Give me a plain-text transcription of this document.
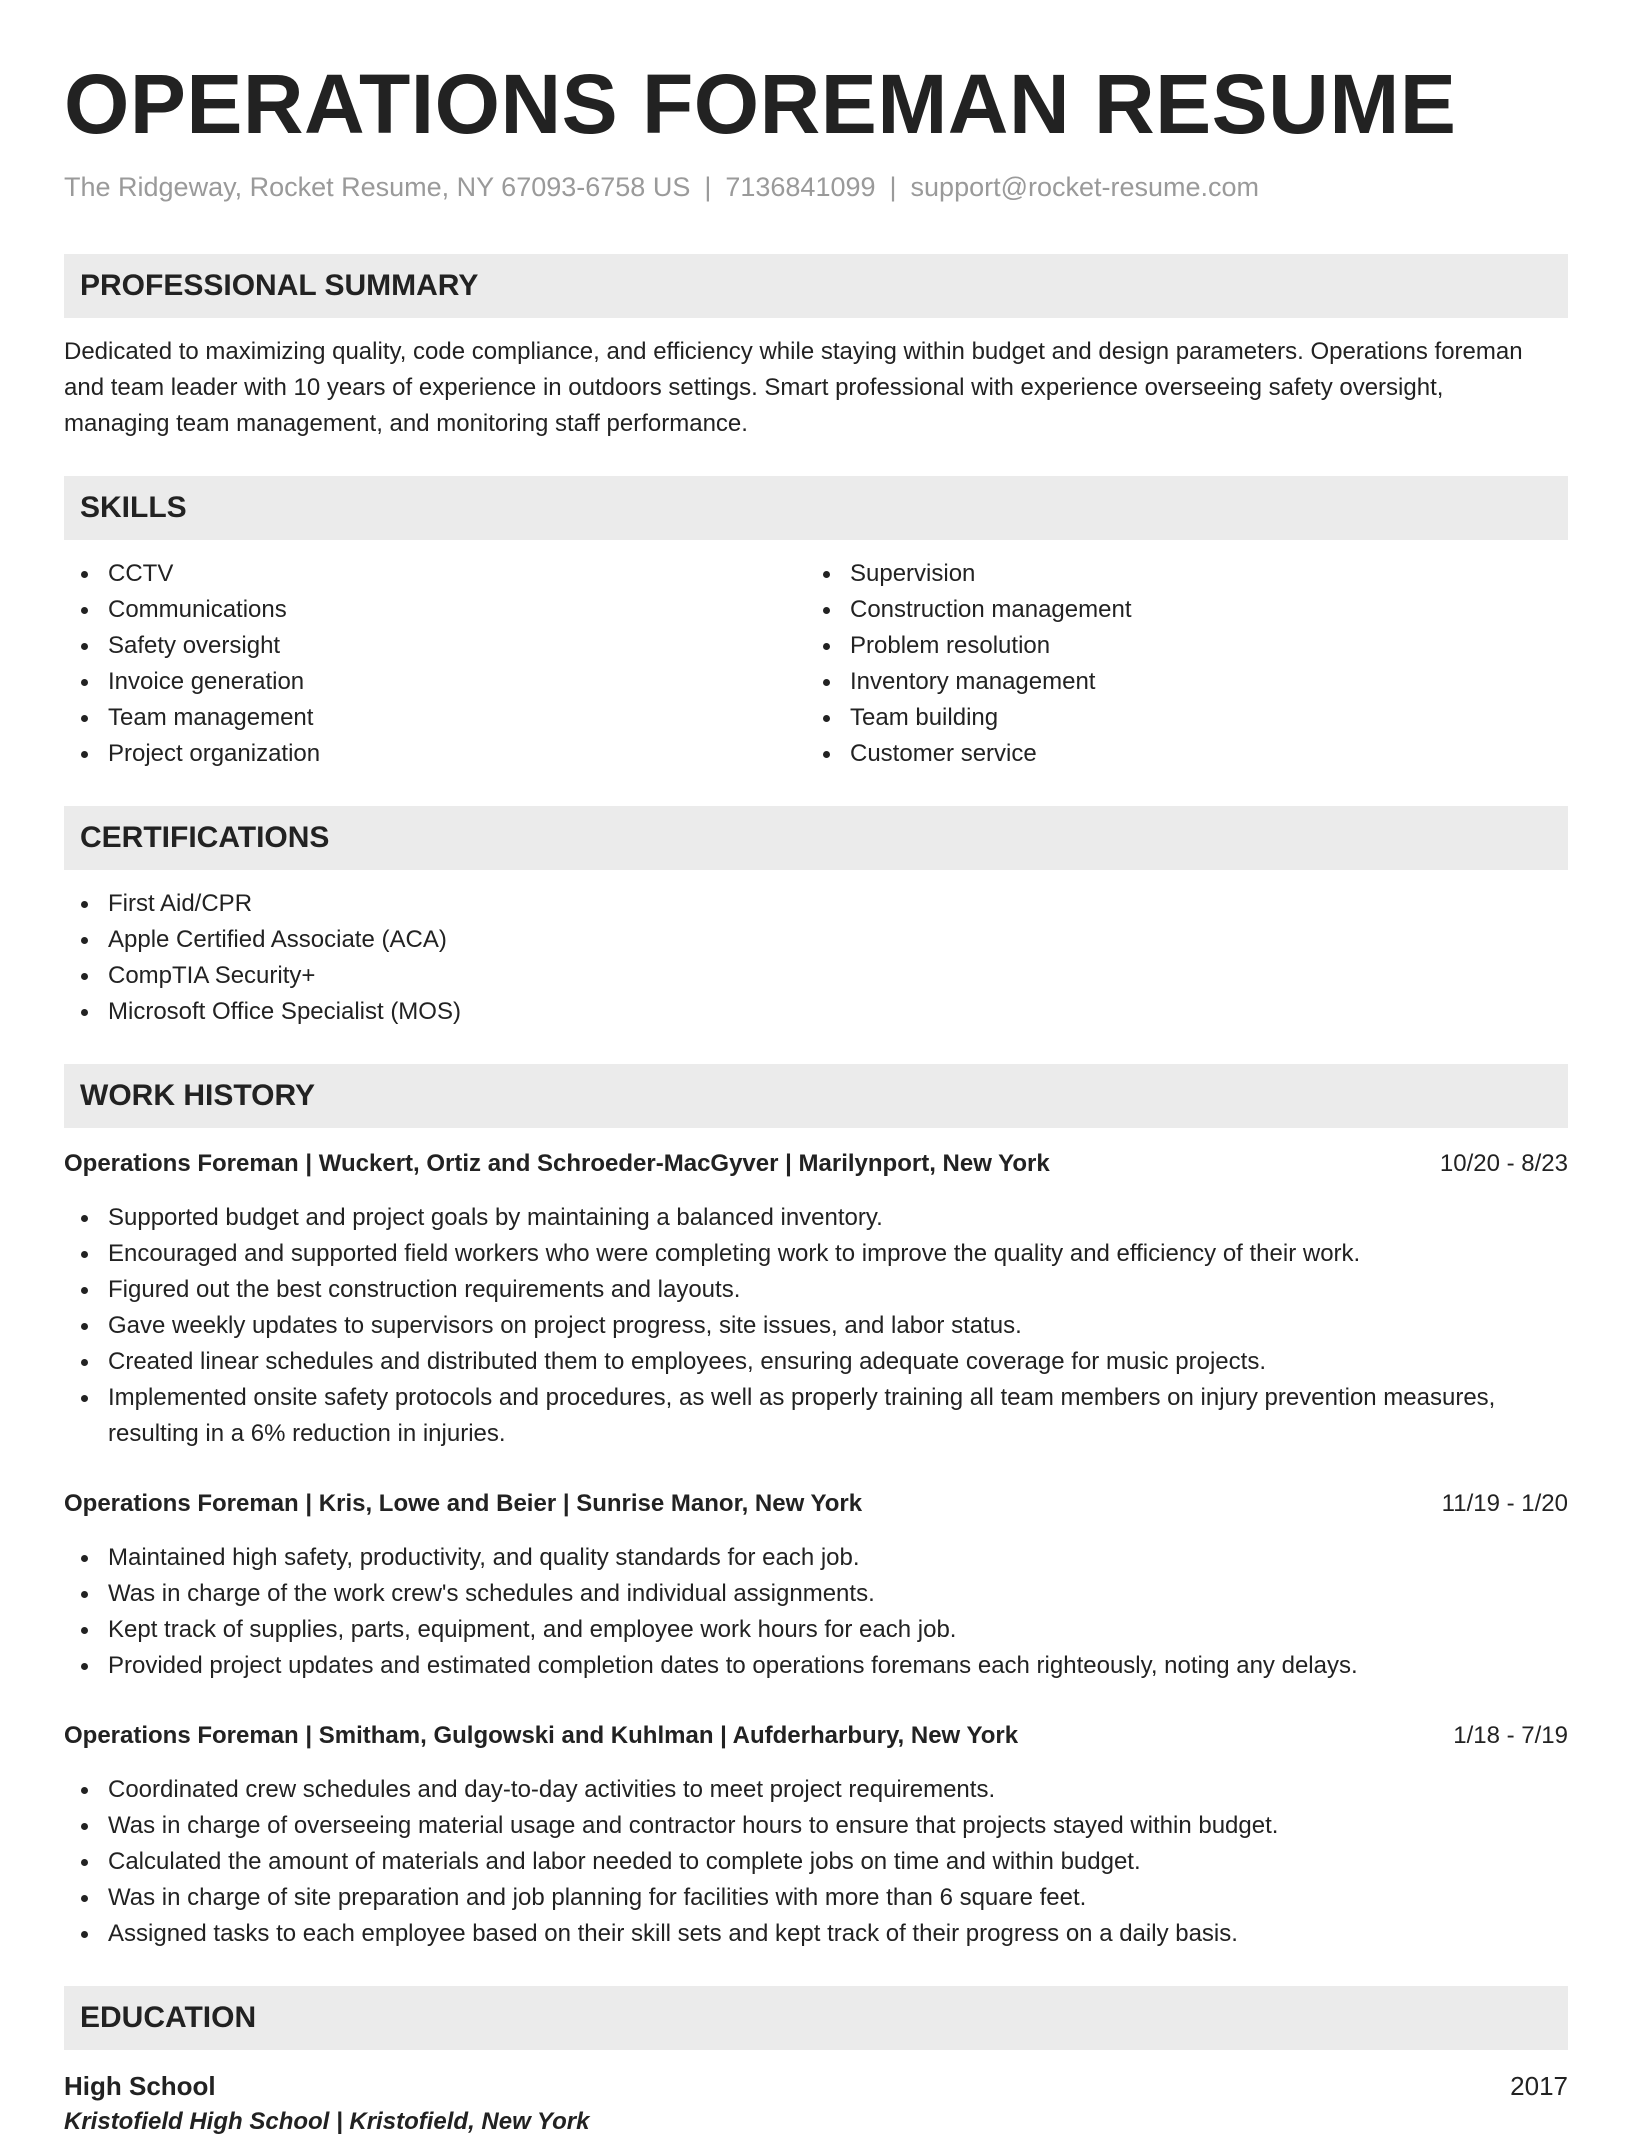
OPERATIONS FOREMAN RESUME
The Ridgeway, Rocket Resume, NY 67093-6758 US | 7136841099 | support@rocket-resume.com
PROFESSIONAL SUMMARY

Dedicated to maximizing quality, code compliance, and efficiency while staying within budget and design parameters. Operations foreman and team leader with 10 years of experience in outdoors settings. Smart professional with experience overseeing safety oversight, managing team management, and monitoring staff performance.

SKILLS
CCTV
Communications
Safety oversight
Invoice generation
Team management
Project organization
Supervision
Construction management
Problem resolution
Inventory management
Team building
Customer service
CERTIFICATIONS
First Aid/CPR
Apple Certified Associate (ACA)
CompTIA Security+
Microsoft Office Specialist (MOS)
WORK HISTORY
Operations Foreman | Wuckert, Ortiz and Schroeder-MacGyver | Marilynport, New York	10/20 - 8/23
Supported budget and project goals by maintaining a balanced inventory.
Encouraged and supported field workers who were completing work to improve the quality and efficiency of their work.
Figured out the best construction requirements and layouts.
Gave weekly updates to supervisors on project progress, site issues, and labor status.
Created linear schedules and distributed them to employees, ensuring adequate coverage for music projects.
Implemented onsite safety protocols and procedures, as well as properly training all team members on injury prevention measures, resulting in a 6% reduction in injuries.
Operations Foreman | Kris, Lowe and Beier | Sunrise Manor, New York	11/19 - 1/20
Maintained high safety, productivity, and quality standards for each job.
Was in charge of the work crew's schedules and individual assignments.
Kept track of supplies, parts, equipment, and employee work hours for each job.
Provided project updates and estimated completion dates to operations foremans each righteously, noting any delays.
Operations Foreman | Smitham, Gulgowski and Kuhlman | Aufderharbury, New York	1/18 - 7/19
Coordinated crew schedules and day-to-day activities to meet project requirements.
Was in charge of overseeing material usage and contractor hours to ensure that projects stayed within budget.
Calculated the amount of materials and labor needed to complete jobs on time and within budget.
Was in charge of site preparation and job planning for facilities with more than 6 square feet.
Assigned tasks to each employee based on their skill sets and kept track of their progress on a daily basis.
EDUCATION
High School	2017
Kristofield High School | Kristofield, New York
